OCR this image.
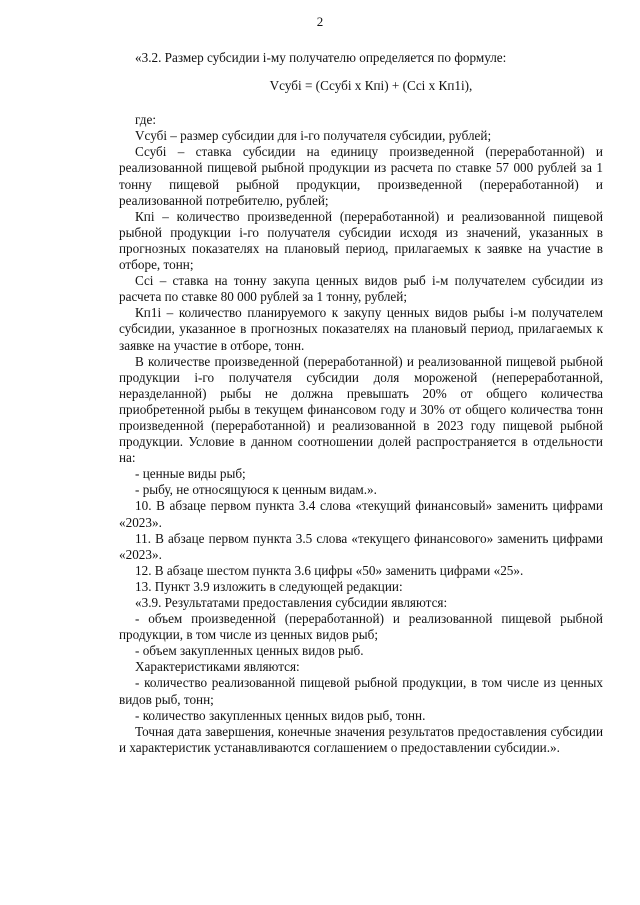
2

«3.2. Размер субсидии i-му получателю определяется по формуле:

Vсубi = (Ссубi х Кпi) + (Cсi х Кп1i),

где:

Vсубi – размер субсидии для i-го получателя субсидии, рублей;

Ссубi – ставка субсидии на единицу произведенной (переработанной) и реализованной пищевой рыбной продукции из расчета по ставке 57 000 рублей за 1 тонну пищевой рыбной продукции, произведенной (переработанной) и реализованной потребителю, рублей;

Кпi – количество произведенной (переработанной) и реализованной пищевой рыбной продукции i-го получателя субсидии исходя из значений, указанных в прогнозных показателях на плановый период, прилагаемых к заявке на участие в отборе, тонн;

Ссi – ставка на тонну закупа ценных видов рыб i-м получателем субсидии из расчета по ставке 80 000 рублей за 1 тонну, рублей;

Кп1i – количество планируемого к закупу ценных видов рыбы i-м получателем субсидии, указанное в прогнозных показателях на плановый период, прилагаемых к заявке на участие в отборе, тонн.

В количестве произведенной (переработанной) и реализованной пищевой рыбной продукции i-го получателя субсидии доля мороженой (непереработанной, неразделанной) рыбы не должна превышать 20% от общего количества приобретенной рыбы в текущем финансовом году и 30% от общего количества тонн произведенной (переработанной) и реализованной в 2023 году пищевой рыбной продукции. Условие в данном соотношении долей распространяется в отдельности на:

- ценные виды рыб;

- рыбу, не относящуюся к ценным видам.».

10. В абзаце первом пункта 3.4 слова «текущий финансовый» заменить цифрами «2023».

11. В абзаце первом пункта 3.5 слова «текущего финансового» заменить цифрами «2023».

12. В абзаце шестом пункта 3.6 цифры «50» заменить цифрами «25».

13. Пункт 3.9 изложить в следующей редакции:

«3.9. Результатами предоставления субсидии являются:

- объем произведенной (переработанной) и реализованной пищевой рыбной продукции, в том числе из ценных видов рыб;

- объем закупленных ценных видов рыб.

Характеристиками являются:

- количество реализованной пищевой рыбной продукции, в том числе из ценных видов рыб, тонн;

- количество закупленных ценных видов рыб, тонн.

Точная дата завершения, конечные значения результатов предоставления субсидии и характеристик устанавливаются соглашением о предоставлении субсидии.».
